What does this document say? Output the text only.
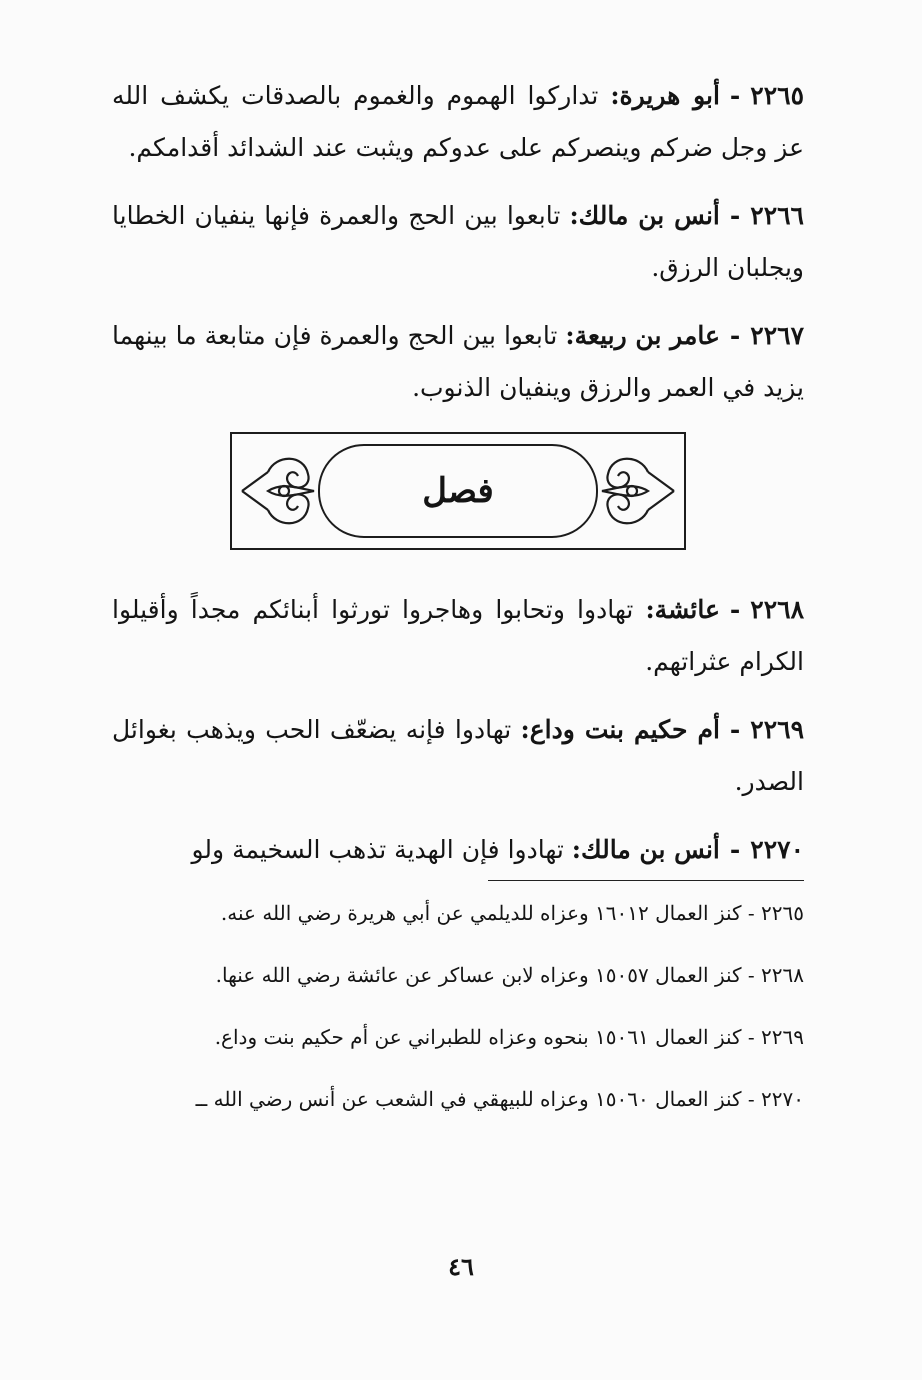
٢٢٦٥-أبو هريرة: تداركوا الهموم والغموم بالصدقات يكشف الله عز وجل ضركم وينصركم على عدوكم ويثبت عند الشدائد أقدامكم.

٢٢٦٦-أنس بن مالك: تابعوا بين الحج والعمرة فإنها ينفيان الخطايا ويجلبان الرزق.

٢٢٦٧-عامر بن ربيعة: تابعوا بين الحج والعمرة فإن متابعة ما بينهما يزيد في العمر والرزق وينفيان الذنوب.

فصل

٢٢٦٨-عائشة: تهادوا وتحابوا وهاجروا تورثوا أبنائكم مجداً وأقيلوا الكرام عثراتهم.

٢٢٦٩-أم حكيم بنت وداع: تهادوا فإنه يضعّف الحب ويذهب بغوائل الصدر.

٢٢٧٠-أنس بن مالك: تهادوا فإن الهدية تذهب السخيمة ولو

٢٢٦٥ - كنز العمال ١٦٠١٢ وعزاه للديلمي عن أبي هريرة رضي الله عنه.

٢٢٦٨ - كنز العمال ١٥٠٥٧ وعزاه لابن عساكر عن عائشة رضي الله عنها.

٢٢٦٩ - كنز العمال ١٥٠٦١ بنحوه وعزاه للطبراني عن أم حكيم بنت وداع.

٢٢٧٠ - كنز العمال ١٥٠٦٠ وعزاه للبيهقي في الشعب عن أنس رضي الله ــ

٤٦
